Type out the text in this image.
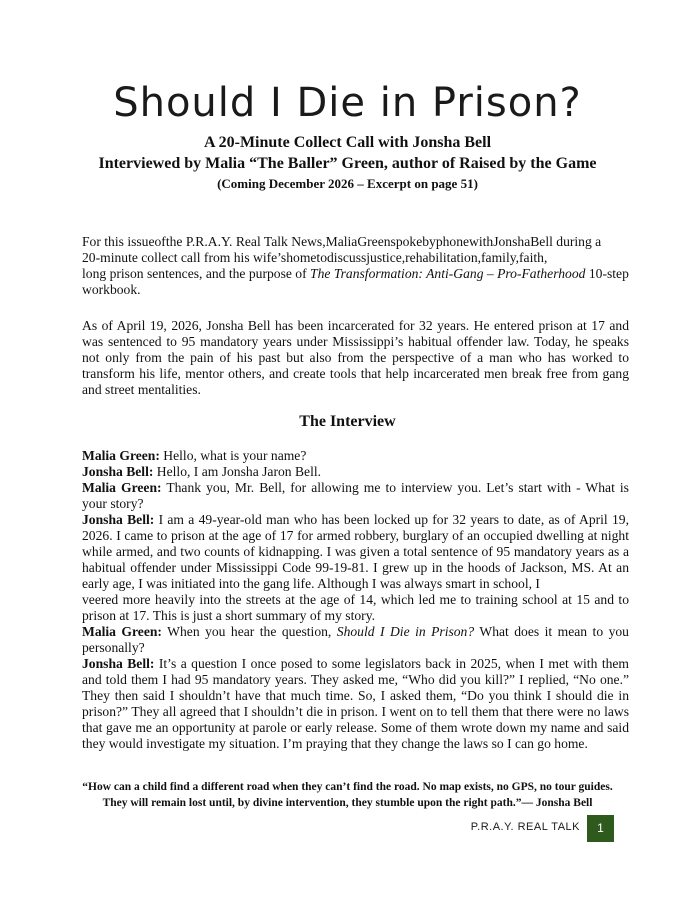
Should I Die in Prison?
A 20-Minute Collect Call with Jonsha Bell
Interviewed by Malia “The Baller” Green, author of Raised by the Game
(Coming December 2026 – Excerpt on page 51)
For this issueofthe P.R.A.Y. Real Talk News,MaliaGreenspokebyphonewithJonshaBell during a
20-minute collect call from his wife’shometodiscussjustice,rehabilitation,family,faith,
long prison sentences, and the purpose of The Transformation: Anti-Gang – Pro-Fatherhood 10-step workbook.

As of April 19, 2026, Jonsha Bell has been incarcerated for 32 years. He entered prison at 17 and was sentenced to 95 mandatory years under Mississippi’s habitual offender law. Today, he speaks not only from the pain of his past but also from the perspective of a man who has worked to transform his life, mentor others, and create tools that help incarcerated men break free from gang and street mentalities.

The Interview

Malia Green: Hello, what is your name?

Jonsha Bell: Hello, I am Jonsha Jaron Bell.

Malia Green: Thank you, Mr. Bell, for allowing me to interview you. Let’s start with - What is your story?

Jonsha Bell: I am a 49-year-old man who has been locked up for 32 years to date, as of April 19, 2026. I came to prison at the age of 17 for armed robbery, burglary of an occupied dwelling at night while armed, and two counts of kidnapping. I was given a total sentence of 95 mandatory years as a habitual offender under Mississippi Code 99-19-81. I grew up in the hoods of Jackson, MS. At an early age, I was initiated into the gang life. Although I was always smart in school, I

veered more heavily into the streets at the age of 14, which led me to training school at 15 and to prison at 17. This is just a short summary of my story.

Malia Green: When you hear the question, Should I Die in Prison? What does it mean to you personally?

Jonsha Bell: It’s a question I once posed to some legislators back in 2025, when I met with them and told them I had 95 mandatory years. They asked me, “Who did you kill?” I replied, “No one.” They then said I shouldn’t have that much time. So, I asked them, “Do you think I should die in prison?” They all agreed that I shouldn’t die in prison. I went on to tell them that there were no laws that gave me an opportunity at parole or early release. Some of them wrote down my name and said they would investigate my situation. I’m praying that they change the laws so I can go home.

“How can a child find a different road when they can’t find the road. No map exists, no GPS, no tour guides.
They will remain lost until, by divine intervention, they stumble upon the right path.”— Jonsha Bell
P.R.A.Y. REAL TALK	1
